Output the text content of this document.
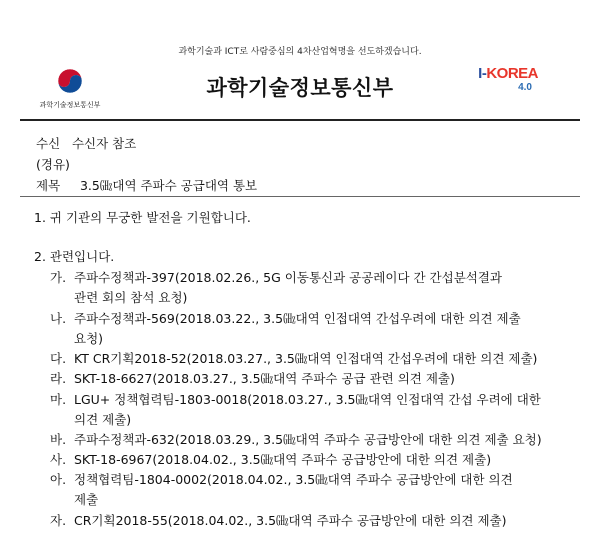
과학기술과 ICT로 사람중심의 4차산업혁명을 선도하겠습니다.
과학기술정보통신부
과학기술정보통신부
I-KOREA
4.0
수신 수신자 참조
(경유)
제목 3.5㎓대역 주파수 공급대역 통보
1. 귀 기관의 무궁한 발전을 기원합니다.
2. 관련입니다.
가. 주파수정책과-397(2018.02.26., 5G 이동통신과 공공레이다 간 간섭분석결과
관련 회의 참석 요청)
나. 주파수정책과-569(2018.03.22., 3.5㎓대역 인접대역 간섭우려에 대한 의견 제출
요청)
다. KT CR기획2018-52(2018.03.27., 3.5㎓대역 인접대역 간섭우려에 대한 의견 제출)
라. SKT-18-6627(2018.03.27., 3.5㎓대역 주파수 공급 관련 의견 제출)
마. LGU+ 정책협력팀-1803-0018(2018.03.27., 3.5㎓대역 인접대역 간섭 우려에 대한
의견 제출)
바. 주파수정책과-632(2018.03.29., 3.5㎓대역 주파수 공급방안에 대한 의견 제출 요청)
사. SKT-18-6967(2018.04.02., 3.5㎓대역 주파수 공급방안에 대한 의견 제출)
아. 정책협력팀-1804-0002(2018.04.02., 3.5㎓대역 주파수 공급방안에 대한 의견
제출
자. CR기획2018-55(2018.04.02., 3.5㎓대역 주파수 공급방안에 대한 의견 제출)
